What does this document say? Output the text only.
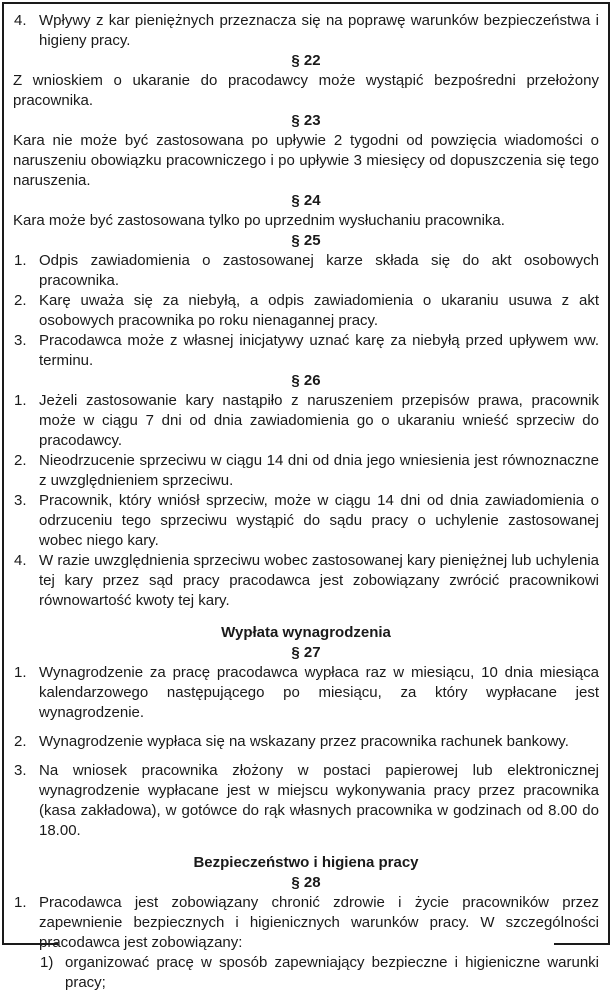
4. Wpływy z kar pieniężnych przeznacza się na poprawę warunków bezpieczeństwa i higieny pracy.
§ 22

Z wnioskiem o ukaranie do pracodawcy może wystąpić bezpośredni przełożony pracownika.

§ 23

Kara nie może być zastosowana po upływie 2 tygodni od powzięcia wiadomości o naruszeniu obowiązku pracowniczego i po upływie 3 miesięcy od dopuszczenia się tego naruszenia.

§ 24

Kara może być zastosowana tylko po uprzednim wysłuchaniu pracownika.

§ 25
1. Odpis zawiadomienia o zastosowanej karze składa się do akt osobowych pracownika.
2. Karę uważa się za niebyłą, a odpis zawiadomienia o ukaraniu usuwa z akt osobowych pracownika po roku nienagannej pracy.
3. Pracodawca może z własnej inicjatywy uznać karę za niebyłą przed upływem ww. terminu.
§ 26
1. Jeżeli zastosowanie kary nastąpiło z naruszeniem przepisów prawa, pracownik może w ciągu 7 dni od dnia zawiadomienia go o ukaraniu wnieść sprzeciw do pracodawcy.
2. Nieodrzucenie sprzeciwu w ciągu 14 dni od dnia jego wniesienia jest równoznaczne z uwzględnieniem sprzeciwu.
3. Pracownik, który wniósł sprzeciw, może w ciągu 14 dni od dnia zawiadomienia o odrzuceniu tego sprzeciwu wystąpić do sądu pracy o uchylenie zastosowanej wobec niego kary.
4. W razie uwzględnienia sprzeciwu wobec zastosowanej kary pieniężnej lub uchylenia tej kary przez sąd pracy pracodawca jest zobowiązany zwrócić pracownikowi równowartość kwoty tej kary.
Wypłata wynagrodzenia
§ 27
1. Wynagrodzenie za pracę pracodawca wypłaca raz w miesiącu, 10 dnia miesiąca kalendarzowego następującego po miesiącu, za który wypłacane jest wynagrodzenie.
2. Wynagrodzenie wypłaca się na wskazany przez pracownika rachunek bankowy.
3. Na wniosek pracownika złożony w postaci papierowej lub elektronicznej wynagrodzenie wypłacane jest w miejscu wykonywania pracy przez pracownika (kasa zakładowa), w gotówce do rąk własnych pracownika w godzinach od 8.00 do 18.00.
Bezpieczeństwo i higiena pracy
§ 28
1. Pracodawca jest zobowiązany chronić zdrowie i życie pracowników przez zapewnienie bezpiecznych i higienicznych warunków pracy. W szczególności pracodawca jest zobowiązany:
1) organizować pracę w sposób zapewniający bezpieczne i higieniczne warunki pracy;
